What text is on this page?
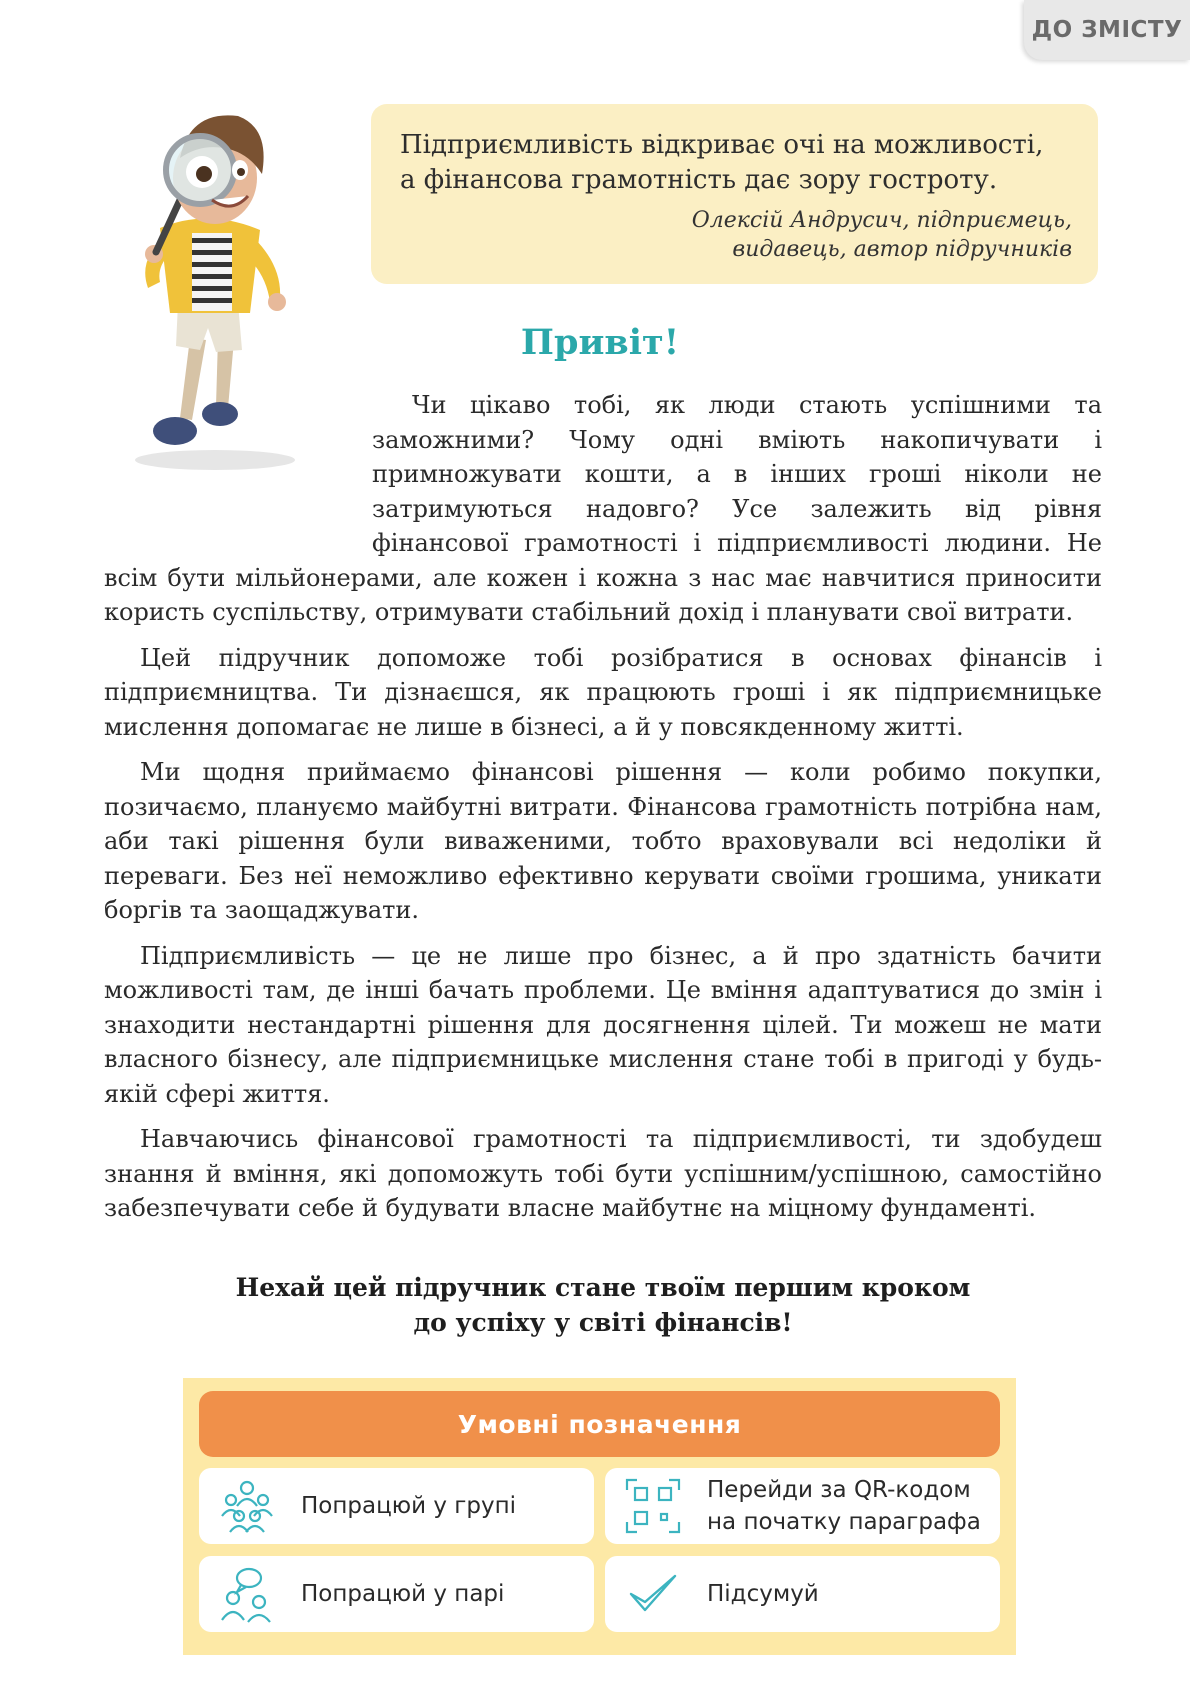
ДО ЗМІСТУ

Підприємливість відкриває очі на можливості,
а фінансова грамотність дає зору гостроту.

Олексій Андрусич, підприємець,
видавець, автор підручників

Привіт!

Чи цікаво тобі, як люди стають успішними та заможними? Чому одні вміють накопичувати і примножувати кошти, а в інших гроші ніколи не затримуються надовго? Усе залежить від рівня фінансової грамотності і підприємливості людини. Не всім бути мільйонерами, але кожен і кожна з нас має навчитися приносити користь суспільству, отримувати стабільний дохід і планувати свої витрати.

Цей підручник допоможе тобі розібратися в основах фінансів і підприємництва. Ти дізнаєшся, як працюють гроші і як підприємницьке мислення допомагає не лише в бізнесі, а й у повсякденному житті.

Ми щодня приймаємо фінансові рішення — коли робимо покупки, позичаємо, плануємо майбутні витрати. Фінансова грамотність потрібна нам, аби такі рішення були виваженими, тобто враховували всі недоліки й переваги. Без неї неможливо ефективно керувати своїми грошима, уникати боргів та заощаджувати.

Підприємливість — це не лише про бізнес, а й про здатність бачити можливості там, де інші бачать проблеми. Це вміння адаптуватися до змін і знаходити нестандартні рішення для досягнення цілей. Ти можеш не мати власного бізнесу, але підприємницьке мислення стане тобі в пригоді у будь-якій сфері життя.

Навчаючись фінансової грамотності та підприємливості, ти здобудеш знання й вміння, які допоможуть тобі бути успішним/успішною, самостійно забезпечувати себе й будувати власне майбутнє на міцному фундаменті.

Нехай цей підручник стане твоїм першим кроком
до успіху у світі фінансів!
Умовні позначення
Попрацюй у групі
Перейди за QR-кодом
на початку параграфа
Попрацюй у парі	Підсумуй
